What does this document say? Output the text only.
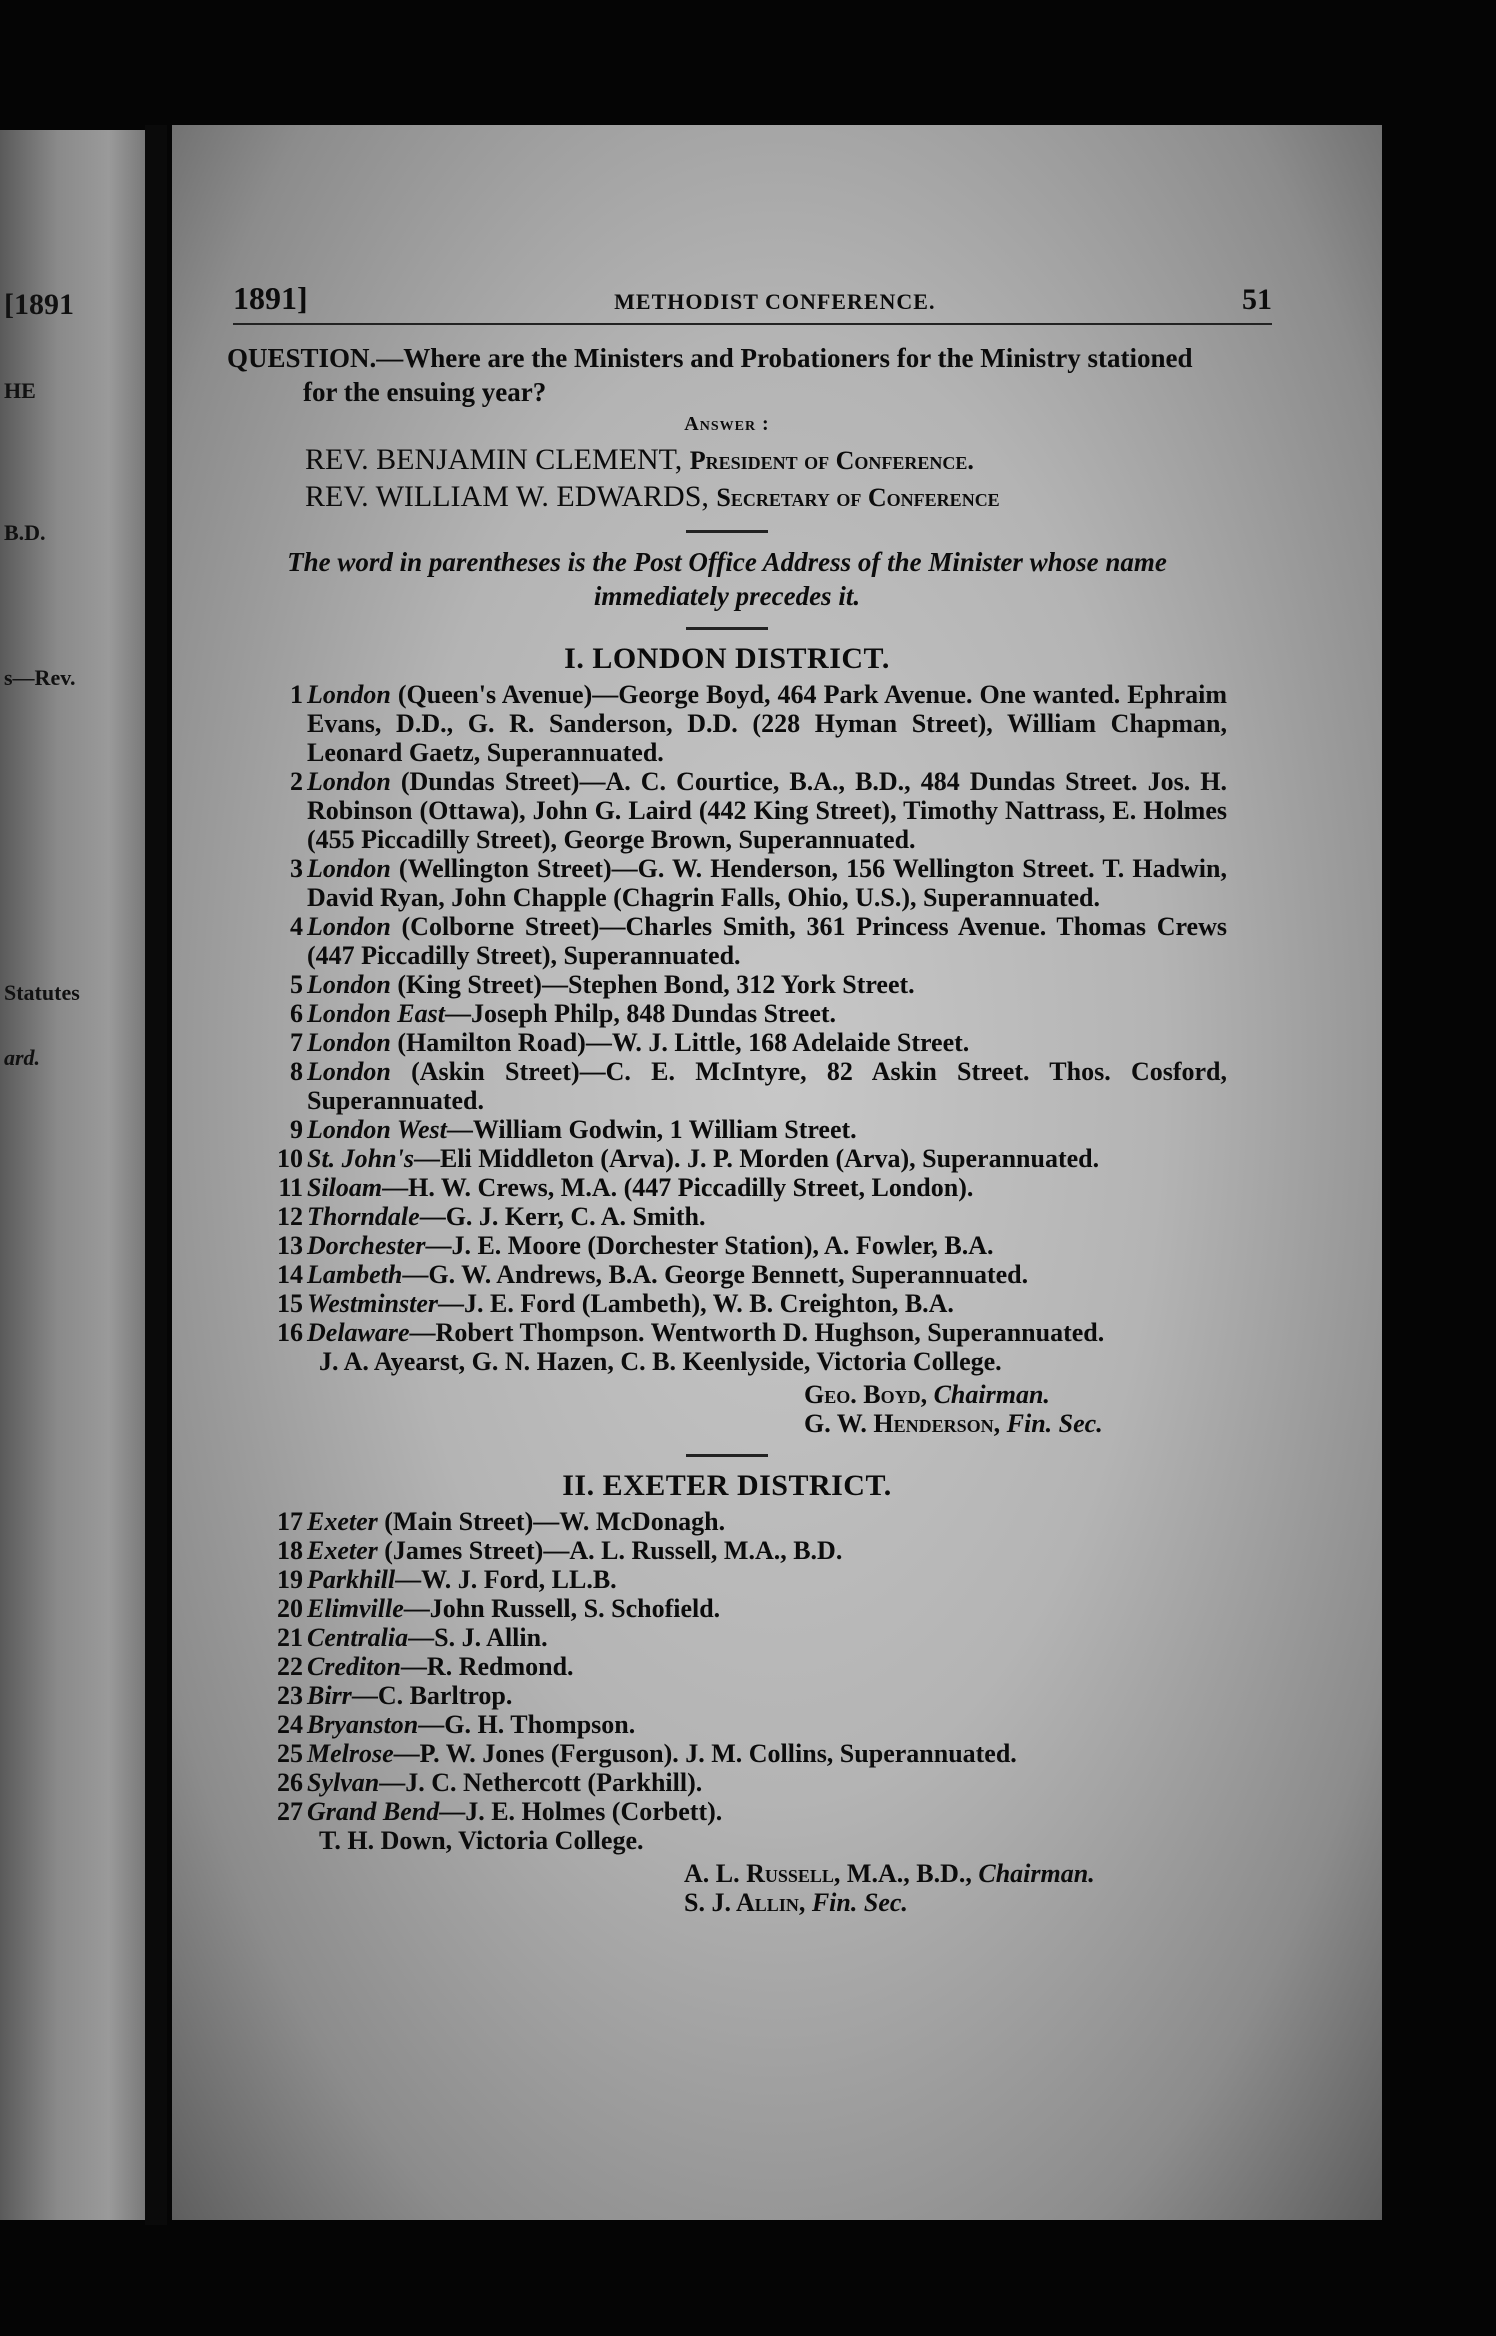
[1891
HE
B.D.
s—Rev.
Statutes
ard.
1891]	METHODIST CONFERENCE.	51
QUESTION.—Where are the Ministers and Probationers for the Ministry stationed for the ensuing year?
Answer :
REV. BENJAMIN CLEMENT, President of Conference.
REV. WILLIAM W. EDWARDS, Secretary of Conference
The word in parentheses is the Post Office Address of the Minister whose name immediately precedes it.
I. LONDON DISTRICT.
1 London (Queen's Avenue)—George Boyd, 464 Park Avenue. One wanted. Ephraim Evans, D.D., G. R. Sanderson, D.D. (228 Hyman Street), William Chapman, Leonard Gaetz, Superannuated.
2 London (Dundas Street)—A. C. Courtice, B.A., B.D., 484 Dundas Street. Jos. H. Robinson (Ottawa), John G. Laird (442 King Street), Timothy Nattrass, E. Holmes (455 Piccadilly Street), George Brown, Superannuated.
3 London (Wellington Street)—G. W. Henderson, 156 Wellington Street. T. Hadwin, David Ryan, John Chapple (Chagrin Falls, Ohio, U.S.), Superannuated.
4 London (Colborne Street)—Charles Smith, 361 Princess Avenue. Thomas Crews (447 Piccadilly Street), Superannuated.
5 London (King Street)—Stephen Bond, 312 York Street.
6 London East—Joseph Philp, 848 Dundas Street.
7 London (Hamilton Road)—W. J. Little, 168 Adelaide Street.
8 London (Askin Street)—C. E. McIntyre, 82 Askin Street. Thos. Cosford, Superannuated.
9 London West—William Godwin, 1 William Street.
10 St. John's—Eli Middleton (Arva). J. P. Morden (Arva), Superannuated.
11 Siloam—H. W. Crews, M.A. (447 Piccadilly Street, London).
12 Thorndale—G. J. Kerr, C. A. Smith.
13 Dorchester—J. E. Moore (Dorchester Station), A. Fowler, B.A.
14 Lambeth—G. W. Andrews, B.A. George Bennett, Superannuated.
15 Westminster—J. E. Ford (Lambeth), W. B. Creighton, B.A.
16 Delaware—Robert Thompson. Wentworth D. Hughson, Superannuated.
J. A. Ayearst, G. N. Hazen, C. B. Keenlyside, Victoria College.
Geo. Boyd, Chairman.
G. W. Henderson, Fin. Sec.
II. EXETER DISTRICT.
17 Exeter (Main Street)—W. McDonagh.
18 Exeter (James Street)—A. L. Russell, M.A., B.D.
19 Parkhill—W. J. Ford, LL.B.
20 Elimville—John Russell, S. Schofield.
21 Centralia—S. J. Allin.
22 Crediton—R. Redmond.
23 Birr—C. Barltrop.
24 Bryanston—G. H. Thompson.
25 Melrose—P. W. Jones (Ferguson). J. M. Collins, Superannuated.
26 Sylvan—J. C. Nethercott (Parkhill).
27 Grand Bend—J. E. Holmes (Corbett).
T. H. Down, Victoria College.
A. L. Russell, M.A., B.D., Chairman.
S. J. Allin, Fin. Sec.
